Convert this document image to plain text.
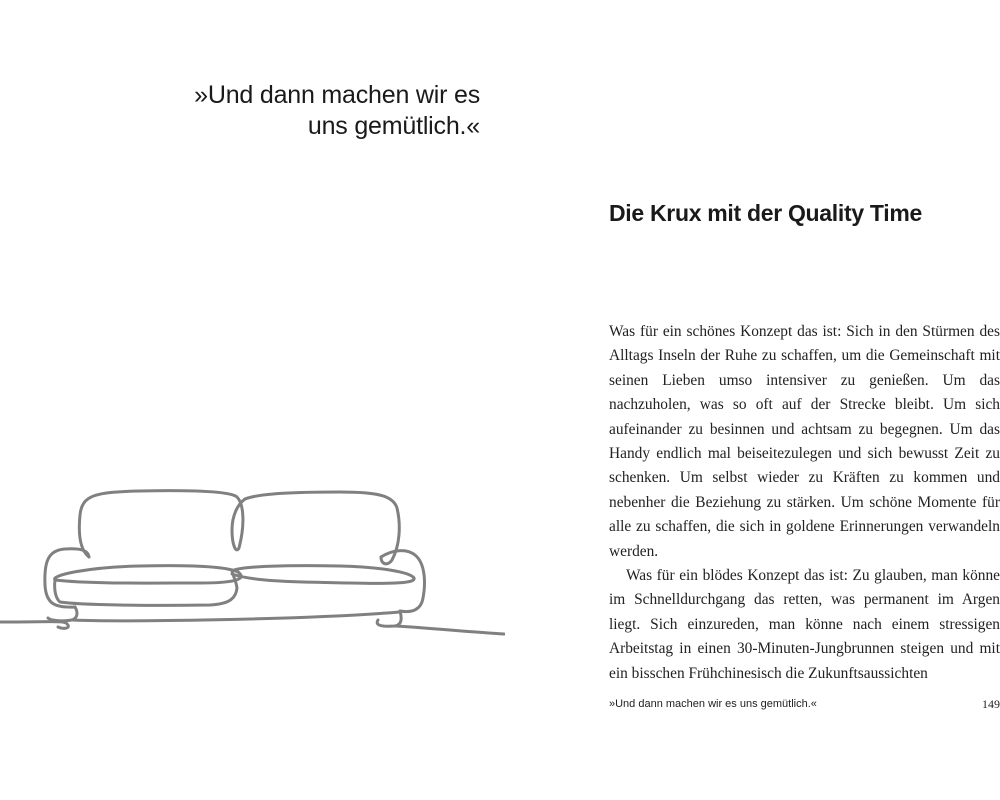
»Und dann machen wir es
uns gemütlich.«
Die Krux mit der Quality Time

Was für ein schönes Konzept das ist: Sich in den Stürmen des Alltags Inseln der Ruhe zu schaffen, um die Gemeinschaft mit seinen Lieben umso intensiver zu genießen. Um das nachzuholen, was so oft auf der Strecke bleibt. Um sich aufeinander zu besinnen und achtsam zu begegnen. Um das Handy endlich mal beiseitezulegen und sich bewusst Zeit zu schenken. Um selbst wieder zu Kräften zu kommen und nebenher die Beziehung zu stärken. Um schöne Momente für alle zu schaffen, die sich in goldene Erinnerungen verwandeln werden.

Was für ein blödes Konzept das ist: Zu glauben, man könne im Schnelldurchgang das retten, was permanent im Argen liegt. Sich einzureden, man könne nach einem stressigen Arbeitstag in einen 30-Minuten-Jungbrunnen steigen und mit ein bisschen Frühchinesisch die Zukunftsaussichten

»Und dann machen wir es uns gemütlich.«	149
